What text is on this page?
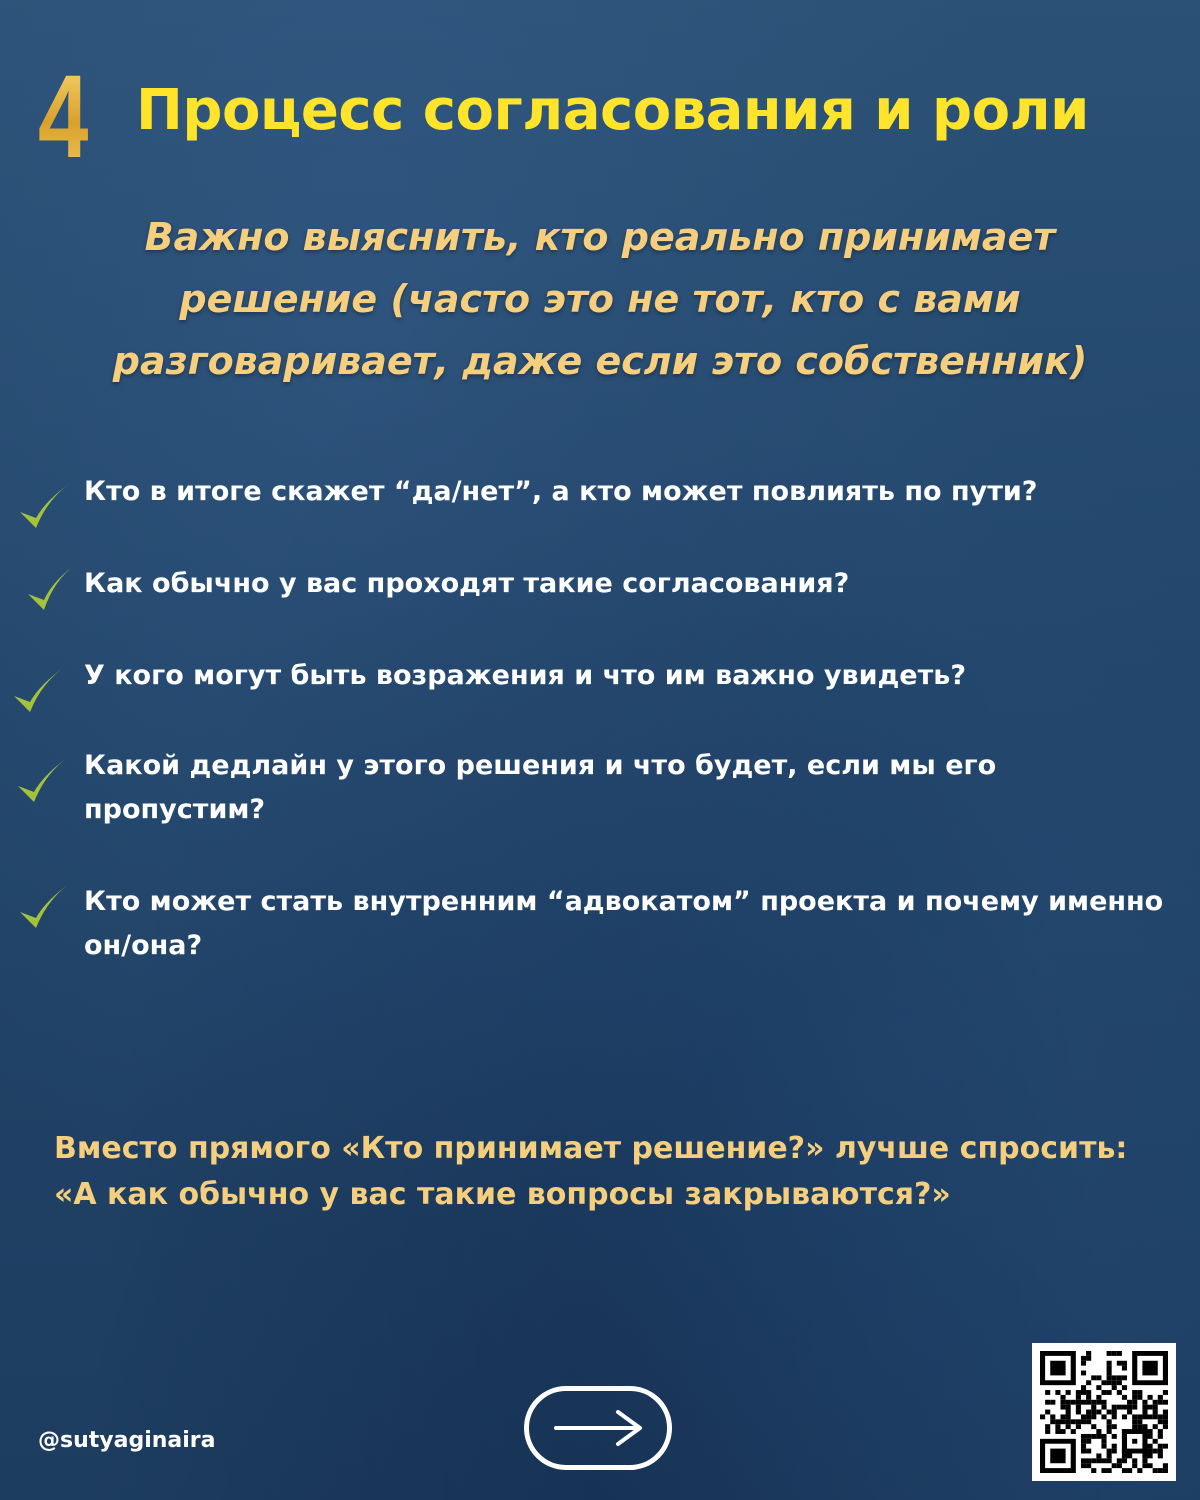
4 Процесс согласования и роли
Важно выяснить, кто реально принимает решение (часто это не тот, кто с вами разговаривает, даже если это собственник)
Кто в итоге скажет “да/нет”, а кто может повлиять по пути?
Как обычно у вас проходят такие согласования?
У кого могут быть возражения и что им важно увидеть?
Какой дедлайн у этого решения и что будет, если мы его пропустим?
Кто может стать внутренним “адвокатом” проекта и почему именно он/она?
Вместо прямого «Кто принимает решение?» лучше спросить: «А как обычно у вас такие вопросы закрываются?»
@sutyaginaira
